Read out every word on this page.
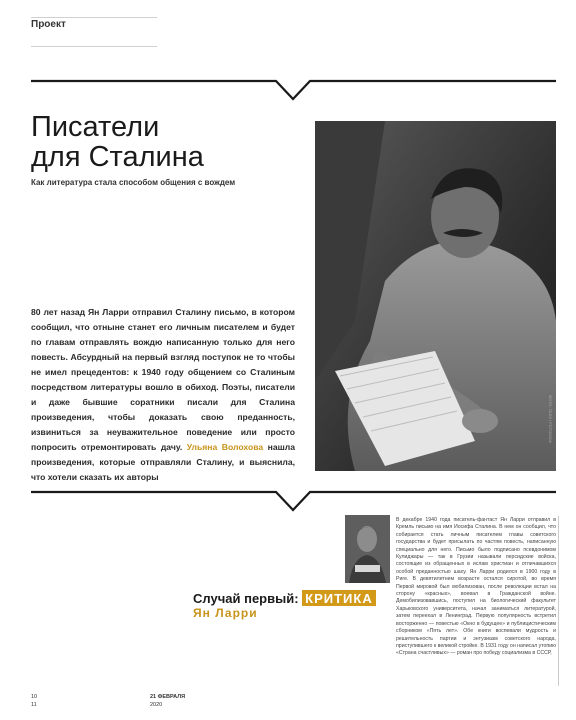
Проект
Писатели
для Сталина
Как литература стала способом общения с вождем
ФОТО: TASS / FOTODOM
80 лет назад Ян Ларри отправил Сталину письмо, в котором сообщил, что отныне станет его личным писателем и будет по главам отправлять вождю написанную только для него повесть. Абсурдный на первый взгляд поступок не то чтобы не имел прецедентов: к 1940 году общением со Сталиным посредством литературы вошло в обиход. Поэты, писатели и даже бывшие соратники писали для Сталина произведения, чтобы доказать свою преданность, извиниться за неуважительное поведение или просто попросить отремонтировать дачу. Ульяна Волохова нашла произведения, которые отправляли Сталину, и выяснила, что хотели сказать их авторы
Случай первый: КРИТИКА
Ян Ларри
В декабре 1940 года писатель-фантаст Ян Ларри отправил в Кремль письмо на имя Иосифа Сталина. В нем он сообщил, что собирается стать личным писателем главы советского государства и будет присылать по частям повесть, написанную специально для него. Письмо было подписано псевдонимом Кулиджары — так в Грузии называли персидские войска, состоящие из обращенных в ислам христиан и отличавшихся особой преданностью шаху. Ян Ларри родился в 1900 году в Риге. В девятилетнем возрасте остался сиротой, во время Первой мировой был мобилизован, после революции встал на сторону «красных», воевал в Гражданской войне. Демобилизовавшись, поступил на биологический факультет Харьковского университета, начал заниматься литературой, затем переехал в Ленинград. Первую популярность встретил восторженно — повестью «Окно в будущее» и публицистическим сборником «Пять лет». Обе книги воспевали мудрость и решительность партии и энтузиазм советского народа, приступившего к великой стройке. В 1931 году он написал утопию «Страна счастливых» — роман про победу социализма в СССР,
10
11
21 ФЕВРАЛЯ
2020
